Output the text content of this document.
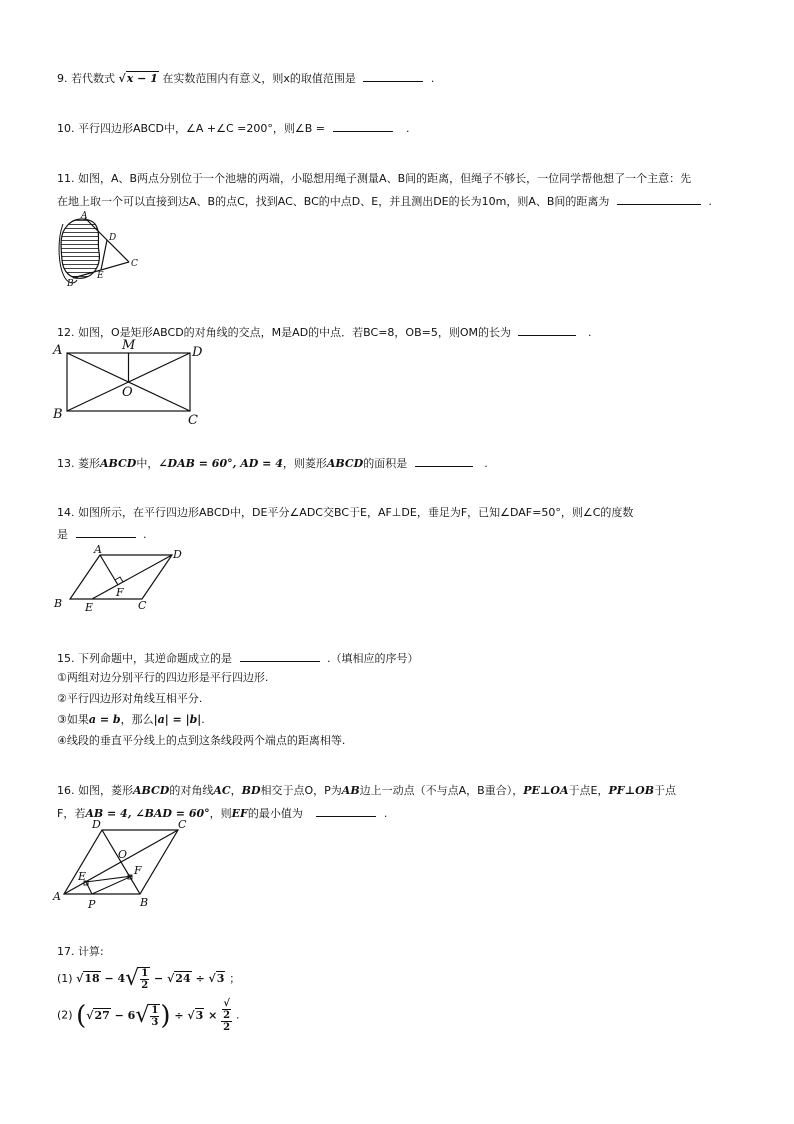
9. 若代数式 √x − 1 在实数范围内有意义，则x的取值范围是	.
10. 平行四边形ABCD中，∠A +∠C =200°，则∠B =	.
11. 如图，A、B两点分别位于一个池塘的两端，小聪想用绳子测量A、B间的距离，但绳子不够长，一位同学帮他想了一个主意：先
在地上取一个可以直接到达A、B的点C，找到AC、BC的中点D、E，并且测出DE的长为10m，则A、B间的距离为	.
A
D
C
E
B
12. 如图，O是矩形ABCD的对角线的交点，M是AD的中点．若BC=8，OB=5，则OM的长为	.
A	M	D
O
B	C
13. 菱形ABCD中，∠DAB = 60°, AD = 4，则菱形ABCD的面积是	.
14. 如图所示，在平行四边形ABCD中，DE平分∠ADC交BC于E，AF⊥DE，垂足为F，已知∠DAF=50°，则∠C的度数
是	.
A	D
F
B E	C
15. 下列命题中，其逆命题成立的是	.（填相应的序号）
①两组对边分别平行的四边形是平行四边形.
②平行四边形对角线互相平分.
③如果a = b，那么|a| = |b|.
④线段的垂直平分线上的点到这条线段两个端点的距离相等.
16. 如图，菱形ABCD的对角线AC，BD相交于点O，P为AB边上一动点（不与点A，B重合），PE⊥OA于点E，PF⊥OB于点
F，若AB = 4, ∠BAD = 60°，则EF的最小值为	.
D	C
O
E	F
A
P	B
17. 计算:
(1) $√18 - 4√ \frac{1}{2} - √24 \div √3$ ；
(2) ($√27 - 6√ \frac{1}{3}$ ) ÷ √3 × √
2
2 .
